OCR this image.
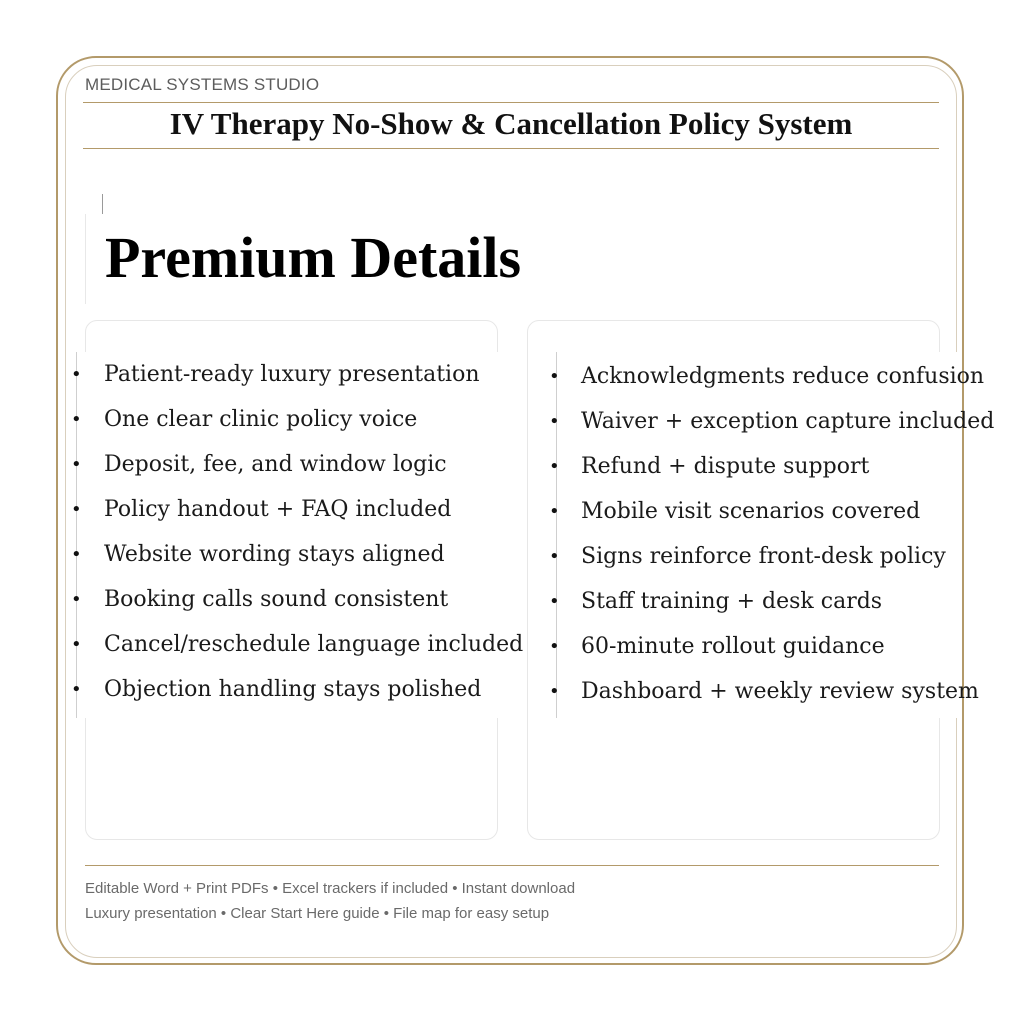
MEDICAL SYSTEMS STUDIO
IV Therapy No-Show & Cancellation Policy System
Premium Details
• Patient-ready luxury presentation
• One clear clinic policy voice
• Deposit, fee, and window logic
• Policy handout + FAQ included
• Website wording stays aligned
• Booking calls sound consistent
• Cancel/reschedule language included
• Objection handling stays polished
• Acknowledgments reduce confusion
• Waiver + exception capture included
• Refund + dispute support
• Mobile visit scenarios covered
• Signs reinforce front-desk policy
• Staff training + desk cards
• 60-minute rollout guidance
• Dashboard + weekly review system
Editable Word + Print PDFs • Excel trackers if included • Instant download
Luxury presentation • Clear Start Here guide • File map for easy setup
